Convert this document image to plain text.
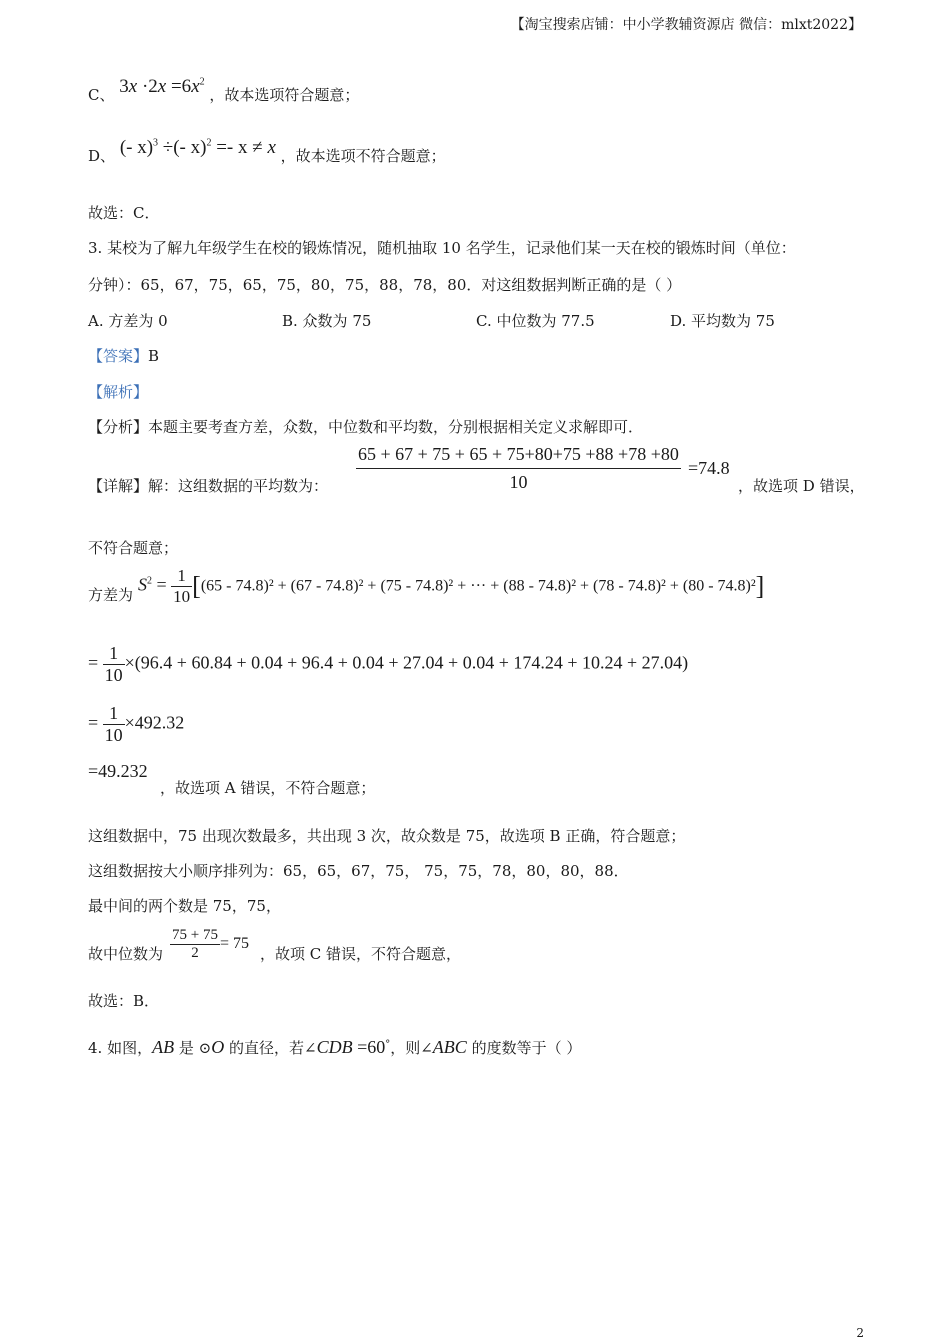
【淘宝搜索店铺：中小学教辅资源店 微信：mlxt2022】
C、 $3x \cdot 2x =6x^2$ ，故本选项符合题意；
D、 (- x)$^3$ ÷(- x)$^2$ =- x ≠ x ，故本选项不符合题意；
故选：C．
3. 某校为了解九年级学生在校的锻炼情况，随机抽取 10 名学生，记录他们某一天在校的锻炼时间（单位：
分钟）：65，67，75，65，75，80，75，88，78，80．对这组数据判断正确的是（ ）
A. 方差为 0	B. 众数为 75	C. 中位数为 77.5	D. 平均数为 75
【答案】B
【解析】
【分析】本题主要考查方差，众数，中位数和平均数，分别根据相关定义求解即可．
【详解】解：这组数据的平均数为： $\frac{65 + 67 + 75 + 65 + 75+80+75 +88 +78 +80}{10} =74.8$
，故选项 D 错误，
不符合题意；
方差为
$S^2 = \frac{1}{10} [(65 - 74.8)^2 + (67 - 74.8)^2 + (75 - 74.8)^2$ + ··· + (88 - 74.8)² + (78 - 74.8)² + (80 - 74.8)²]
= $\frac{1}{10} \times(96.4 + 60.84 + 0.04 + 96.4 + 0.04 + 27.04 + 0.04 + 174.24 + 10.24 + 27.04)$
= $\frac{1}{10} \times 492.32$
=49.232
，故选项 A 错误，不符合题意；
这组数据中，75 出现次数最多，共出现 3 次，故众数是 75，故选项 B 正确，符合题意；
这组数据按大小顺序排列为：65，65，67，75， 75，75，78，80，80，88．
最中间的两个数是 75，75，
故中位数为 $\frac{75 + 75}{2} = 75$
，故项 C 错误，不符合题意，
故选：B．
4. 如图，AB 是 ⊙O 的直径，若∠CDB =60°，则∠ABC 的度数等于（ ）
2
